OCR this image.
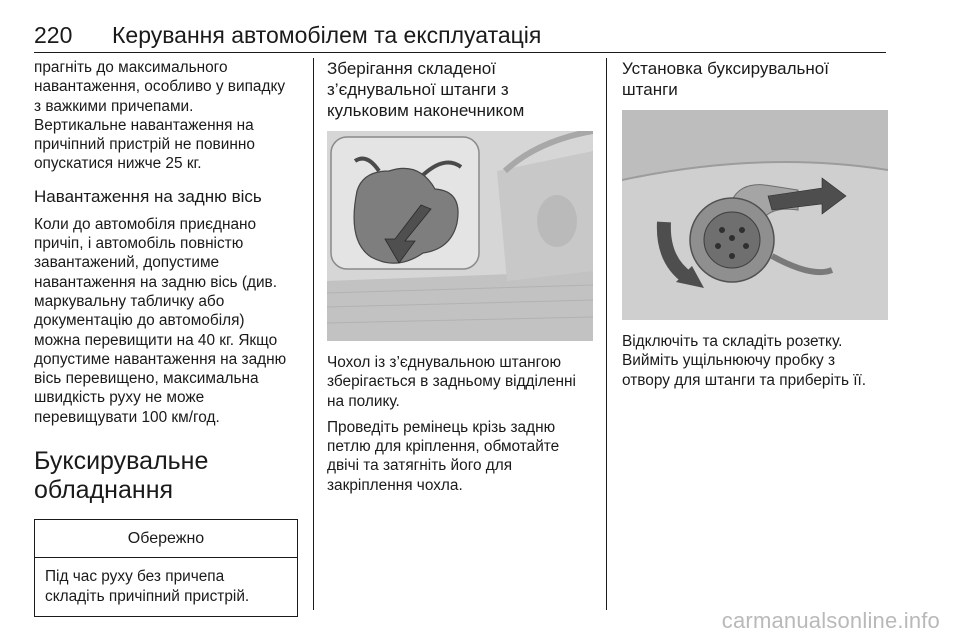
220 Керування автомобілем та експлуатація

прагніть до максимального
навантаження, особливо у випадку
з важкими причепами.
Вертикальне навантаження на
причіпний пристрій не повинно
опускатися нижче 25 кг.

Навантаження на задню вісь

Коли до автомобіля приєднано
причіп, і автомобіль повністю
завантажений, допустиме
навантаження на задню вісь (див.
маркувальну табличку або
документацію до автомобіля)
можна перевищити на 40 кг. Якщо
допустиме навантаження на задню
вісь перевищено, максимальна
швидкість руху не може
перевищувати 100 км/год.

Буксирувальне
обладнання
Обережно
Під час руху без причепа
складіть причіпний пристрій.
Зберігання складеної
з’єднувальної штанги з
кульковим наконечником

Чохол із з’єднувальною штангою
зберігається в задньому відділенні
на полику.

Проведіть ремінець крізь задню
петлю для кріплення, обмотайте
двічі та затягніть його для
закріплення чохла.

Установка буксирувальної
штанги

Відключіть та складіть розетку.
Вийміть ущільнюючу пробку з
отвору для штанги та приберіть її.

carmanualsonline.info
